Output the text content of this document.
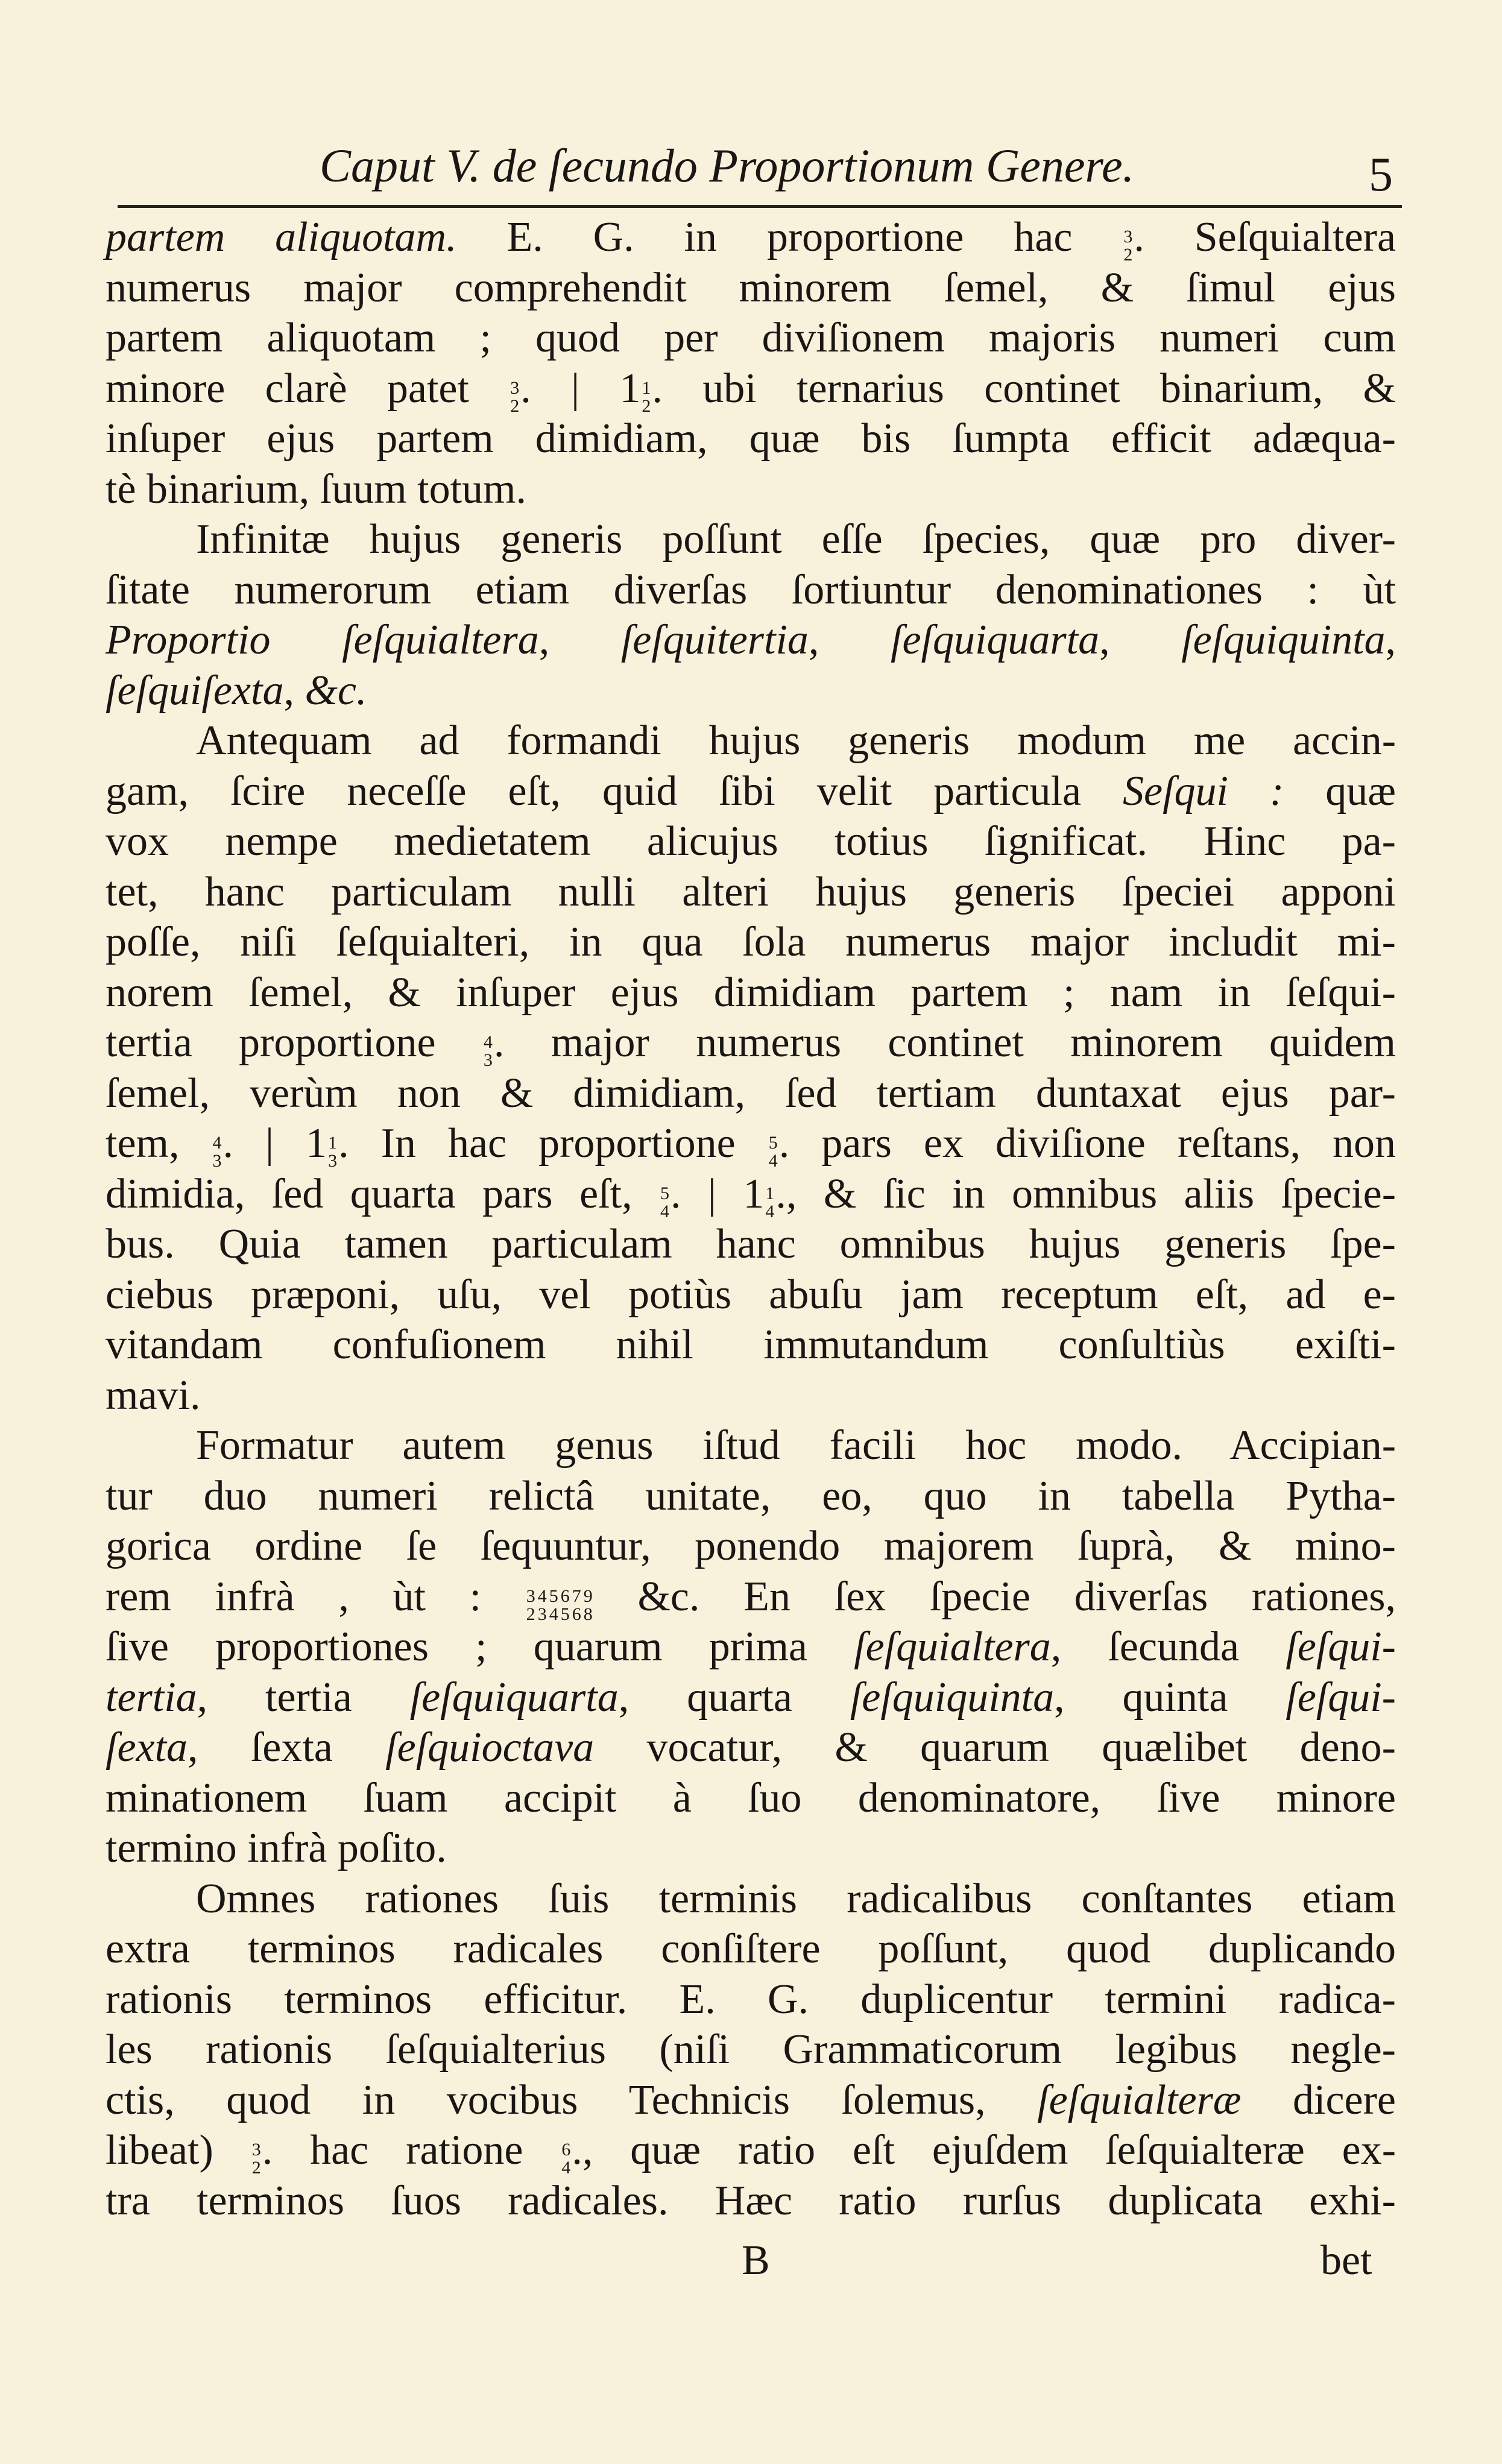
Caput V. de ſecundo Proportionum Genere.	5
partem aliquotam. E. G. in proportione hac 3
2 . Seſquialtera
numerus major comprehendit minorem ſemel, & ſimul ejus
partem aliquotam ; quod per diviſionem majoris numeri cum
minore clarè patet 3
2 . | 1 1
2 . ubi ternarius continet binarium, &
inſuper ejus partem dimidiam, quæ bis ſumpta efficit adæqua-
tè binarium, ſuum totum.
Infinitæ hujus generis poſſunt eſſe ſpecies, quæ pro diver-
ſitate numerorum etiam diverſas ſortiuntur denominationes : ùt
Proportio ſeſquialtera, ſeſquitertia, ſeſquiquarta, ſeſquiquinta,
ſeſquiſexta, &c.
Antequam ad formandi hujus generis modum me accin-
gam, ſcire neceſſe eſt, quid ſibi velit particula Seſqui : quæ
vox nempe medietatem alicujus totius ſignificat. Hinc pa-
tet, hanc particulam nulli alteri hujus generis ſpeciei apponi
poſſe, niſi ſeſquialteri, in qua ſola numerus major includit mi-
norem ſemel, & inſuper ejus dimidiam partem ; nam in ſeſqui-
tertia proportione 4
3 . major numerus continet minorem quidem
ſemel, verùm non & dimidiam, ſed tertiam duntaxat ejus par-
tem, 4
3 . | 1 1
3 . In hac proportione 5
4 . pars ex diviſione reſtans, non
dimidia, ſed quarta pars eſt, 5
4 . | 1 1
4 ., & ſic in omnibus aliis ſpecie-
bus. Quia tamen particulam hanc omnibus hujus generis ſpe-
ciebus præponi, uſu, vel potiùs abuſu jam receptum eſt, ad e-
vitandam confuſionem nihil immutandum conſultiùs exiſti-
mavi.
Formatur autem genus iſtud facili hoc modo. Accipian-
tur duo numeri relictâ unitate, eo, quo in tabella Pytha-
gorica ordine ſe ſequuntur, ponendo majorem ſuprà, & mino-
rem infrà , ùt : 3
2
4
3
5
4
6
5
7
6
9
8 &c. En ſex ſpecie diverſas rationes,
ſive proportiones ; quarum prima ſeſquialtera, ſecunda ſeſqui-
tertia, tertia ſeſquiquarta, quarta ſeſquiquinta, quinta ſeſqui-
ſexta, ſexta ſeſquioctava vocatur, & quarum quælibet deno-
minationem ſuam accipit à ſuo denominatore, ſive minore
termino infrà poſito.
Omnes rationes ſuis terminis radicalibus conſtantes etiam
extra terminos radicales conſiſtere poſſunt, quod duplicando
rationis terminos efficitur. E. G. duplicentur termini radica-
les rationis ſeſquialterius (niſi Grammaticorum legibus negle-
ctis, quod in vocibus Technicis ſolemus, ſeſquialteræ dicere
libeat) 3
2 . hac ratione 6
4 ., quæ ratio eſt ejuſdem ſeſquialteræ ex-
tra terminos ſuos radicales. Hæc ratio rurſus duplicata exhi-
B	bet
